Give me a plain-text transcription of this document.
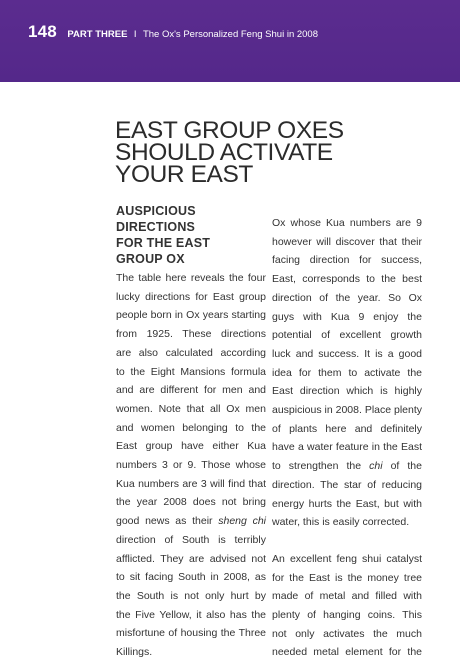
148 PART THREE I The Ox's Personalized Feng Shui in 2008
EAST GROUP OXES
SHOULD ACTIVATE
YOUR EAST
AUSPICIOUS
DIRECTIONS
FOR THE EAST
GROUP OX

The table here reveals the four
lucky directions for East group
people born in Ox years starting
from 1925. These directions
are also calculated according
to the Eight Mansions formula
and are different for men and
women. Note that all Ox men
and women belonging to the
East group have either Kua
numbers 3 or 9. Those whose
Kua numbers are 3 will find that
the year 2008 does not bring
good news as their sheng chi
direction of South is terribly
afflicted. They are advised not
to sit facing South in 2008, as
the South is not only hurt by
the Five Yellow, it also has the
misfortune of housing the Three
Killings.

Ox whose Kua numbers are 9
however will discover that their
facing direction for success,
East, corresponds to the best
direction of the year. So Ox
guys with Kua 9 enjoy the
potential of excellent growth
luck and success. It is a good
idea for them to activate the
East direction which is highly
auspicious in 2008. Place plenty
of plants here and definitely
have a water feature in the East
to strengthen the chi of the
direction. The star of reducing
energy hurts the East, but with
water, this is easily corrected.

An excellent feng shui catalyst
for the East is the money tree
made of metal and filled with
plenty of hanging coins. This
not only activates the much
needed metal element for the
